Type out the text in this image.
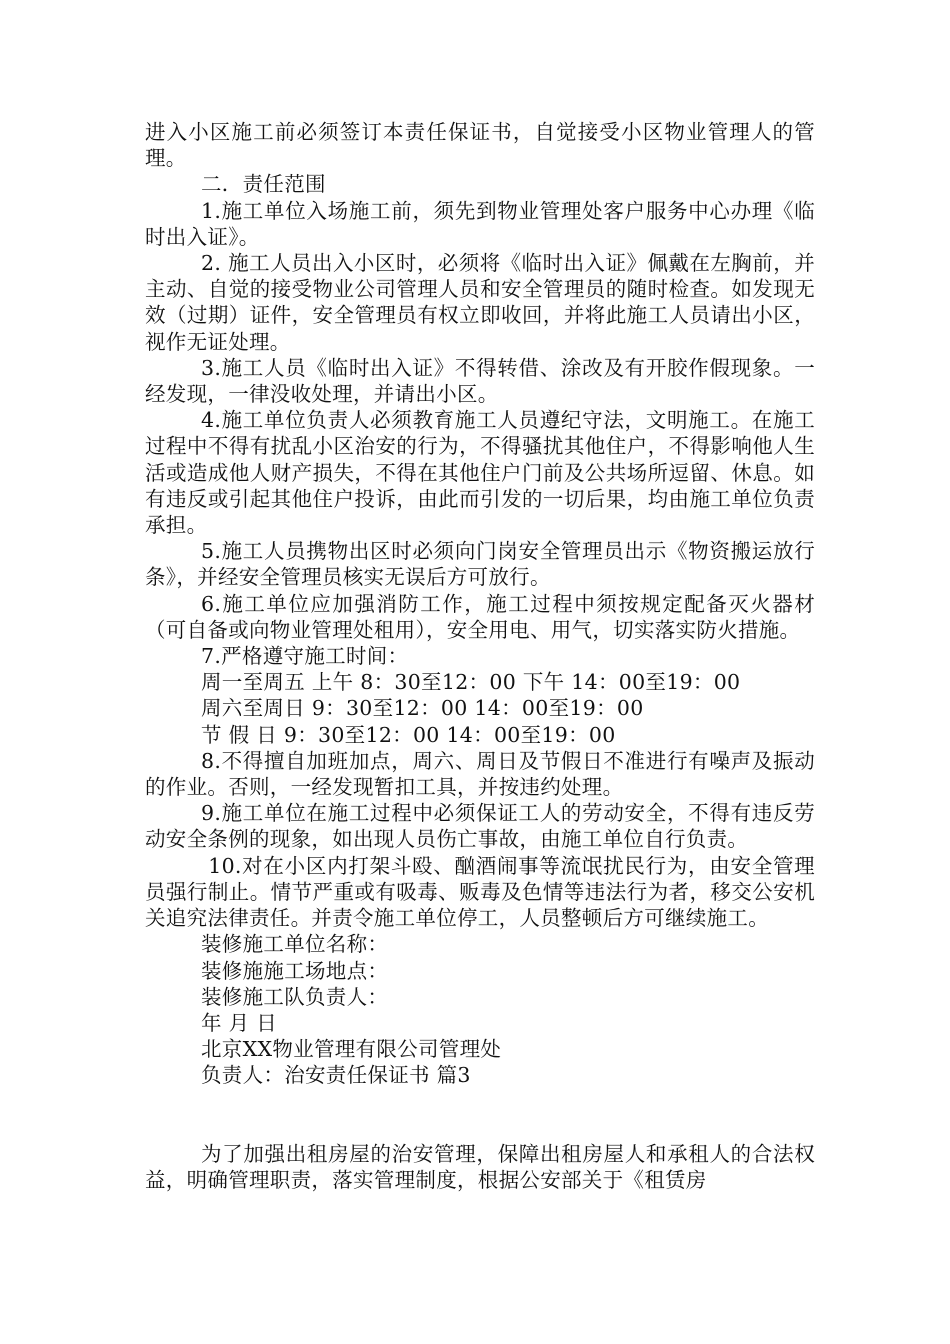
进入小区施工前必须签订本责任保证书，自觉接受小区物业管理人的管理。

二．责任范围

1.施工单位入场施工前，须先到物业管理处客户服务中心办理《临时出入证》。

2. 施工人员出入小区时，必须将《临时出入证》佩戴在左胸前，并主动、自觉的接受物业公司管理人员和安全管理员的随时检查。如发现无效（过期）证件，安全管理员有权立即收回，并将此施工人员请出小区，视作无证处理。

3.施工人员《临时出入证》不得转借、涂改及有开胶作假现象。一经发现，一律没收处理，并请出小区。

4.施工单位负责人必须教育施工人员遵纪守法，文明施工。在施工过程中不得有扰乱小区治安的行为，不得骚扰其他住户，不得影响他人生活或造成他人财产损失，不得在其他住户门前及公共场所逗留、休息。如有违反或引起其他住户投诉，由此而引发的一切后果，均由施工单位负责承担。

5.施工人员携物出区时必须向门岗安全管理员出示《物资搬运放行条》，并经安全管理员核实无误后方可放行。

6.施工单位应加强消防工作，施工过程中须按规定配备灭火器材（可自备或向物业管理处租用），安全用电、用气，切实落实防火措施。

7.严格遵守施工时间：

周一至周五 上午 8：30至12：00 下午 14：00至19：00

周六至周日 9：30至12：00 14：00至19：00

节 假 日 9：30至12：00 14：00至19：00

8.不得擅自加班加点，周六、周日及节假日不准进行有噪声及振动的作业。否则，一经发现暂扣工具，并按违约处理。

9.施工单位在施工过程中必须保证工人的劳动安全，不得有违反劳动安全条例的现象，如出现人员伤亡事故，由施工单位自行负责。

10.对在小区内打架斗殴、酗酒闹事等流氓扰民行为，由安全管理员强行制止。情节严重或有吸毒、贩毒及色情等违法行为者，移交公安机关追究法律责任。并责令施工单位停工，人员整顿后方可继续施工。

装修施工单位名称：

装修施施工场地点：

装修施工队负责人：

年 月 日

北京XX物业管理有限公司管理处

负责人：治安责任保证书 篇3

为了加强出租房屋的治安管理，保障出租房屋人和承租人的合法权益，明确管理职责，落实管理制度，根据公安部关于《租赁房
